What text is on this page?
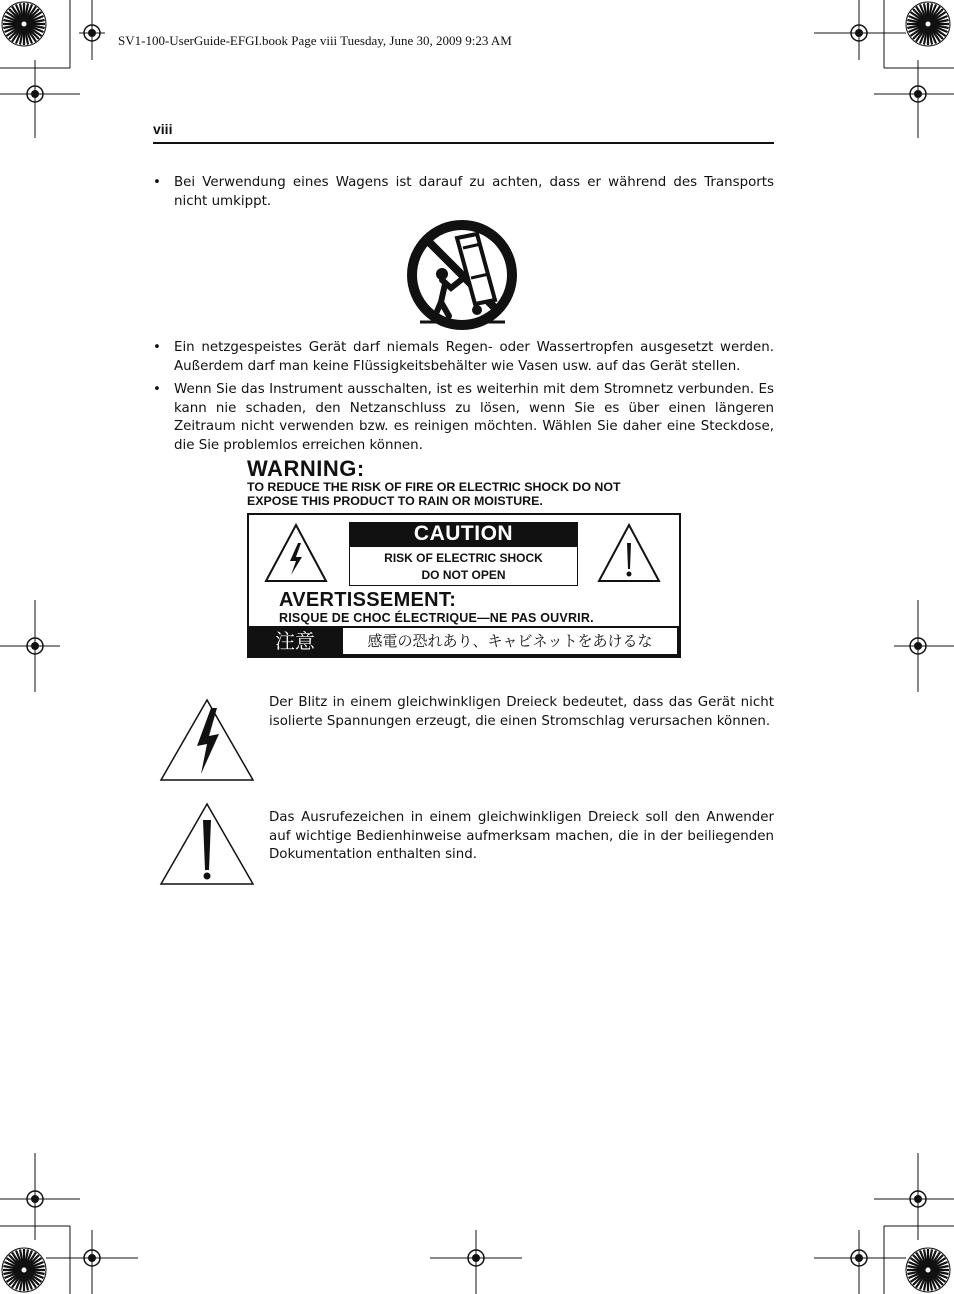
SV1-100-UserGuide-EFGI.book Page viii Tuesday, June 30, 2009 9:23 AM
viii
• Bei Verwendung eines Wagens ist darauf zu achten, dass er während des Transports nicht umkippt.
• Ein netzgespeistes Gerät darf niemals Regen- oder Wassertropfen ausgesetzt werden. Außerdem darf man keine Flüssigkeitsbehälter wie Vasen usw. auf das Gerät stellen.
• Wenn Sie das Instrument ausschalten, ist es weiterhin mit dem Stromnetz verbunden. Es kann nie schaden, den Netzanschluss zu lösen, wenn Sie es über einen längeren Zeitraum nicht verwenden bzw. es reinigen möchten. Wählen Sie daher eine Steckdose, die Sie problemlos erreichen können.
WARNING:
TO REDUCE THE RISK OF FIRE OR ELECTRIC SHOCK DO NOT
EXPOSE THIS PRODUCT TO RAIN OR MOISTURE.
CAUTION
RISK OF ELECTRIC SHOCK
DO NOT OPEN
AVERTISSEMENT:
RISQUE DE CHOC ÉLECTRIQUE—NE PAS OUVRIR.
注意	感電の恐れあり、キャビネットをあけるな
Der Blitz in einem gleichwinkligen Dreieck bedeutet, dass das Gerät nicht isolierte Spannungen erzeugt, die einen Stromschlag verursachen können.
Das Ausrufezeichen in einem gleichwinkligen Dreieck soll den Anwender auf wichtige Bedienhinweise aufmerksam machen, die in der beiliegenden Dokumentation enthalten sind.
